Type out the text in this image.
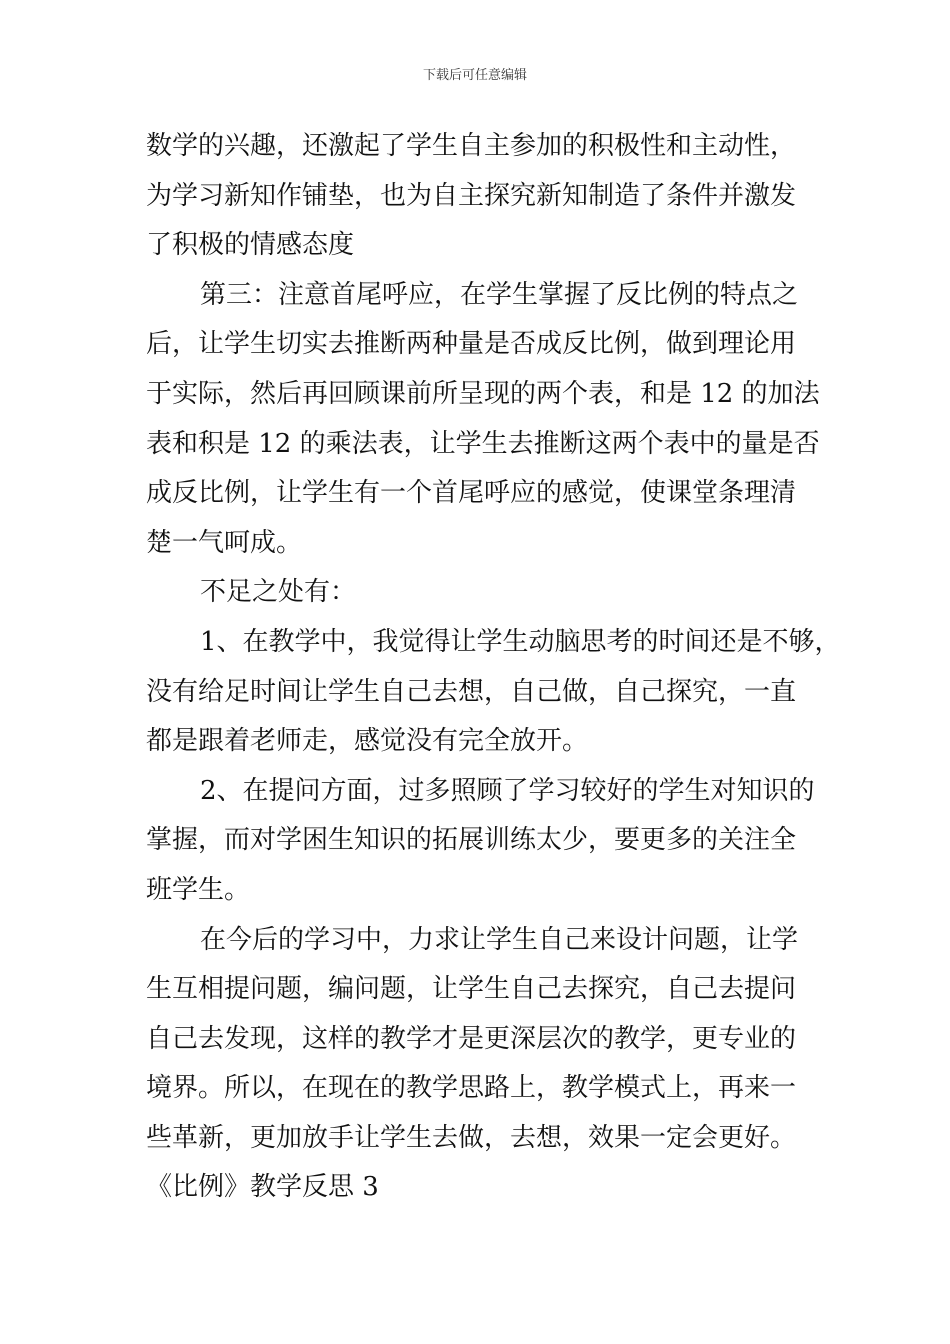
下载后可任意编辑
数学的兴趣，还激起了学生自主参加的积极性和主动性，
为学习新知作铺垫，也为自主探究新知制造了条件并激发
了积极的情感态度
第三：注意首尾呼应，在学生掌握了反比例的特点之
后，让学生切实去推断两种量是否成反比例，做到理论用
于实际，然后再回顾课前所呈现的两个表，和是 12 的加法
表和积是 12 的乘法表，让学生去推断这两个表中的量是否
成反比例，让学生有一个首尾呼应的感觉，使课堂条理清
楚一气呵成。
不足之处有：
1、在教学中，我觉得让学生动脑思考的时间还是不够，
没有给足时间让学生自己去想，自己做，自己探究，一直
都是跟着老师走，感觉没有完全放开。
2、在提问方面，过多照顾了学习较好的学生对知识的
掌握，而对学困生知识的拓展训练太少，要更多的关注全
班学生。
在今后的学习中，力求让学生自己来设计问题，让学
生互相提问题，编问题，让学生自己去探究，自己去提问
自己去发现，这样的教学才是更深层次的教学，更专业的
境界。所以，在现在的教学思路上，教学模式上，再来一
些革新，更加放手让学生去做，去想，效果一定会更好。
《比例》教学反思 3
